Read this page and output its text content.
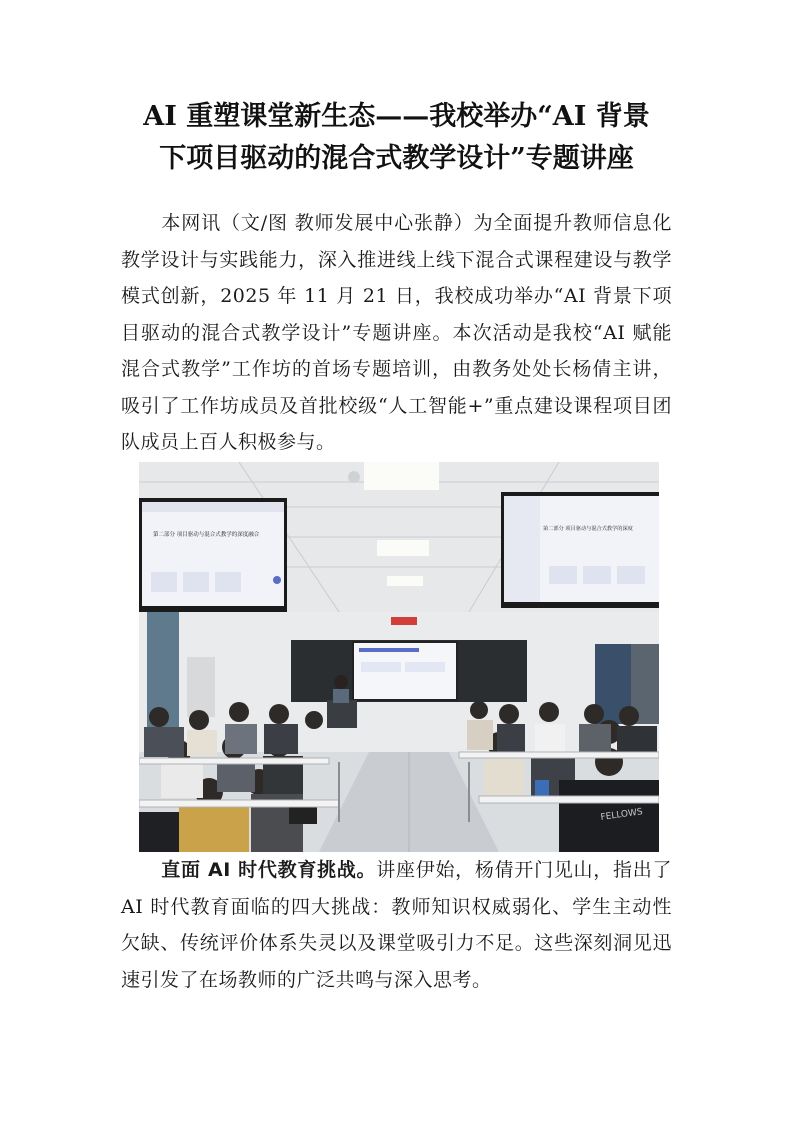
AI 重塑课堂新生态——我校举办“AI 背景
下项目驱动的混合式教学设计”专题讲座
本网讯（文/图 教师发展中心张静）为全面提升教师信息化教学设计与实践能力，深入推进线上线下混合式课程建设与教学模式创新，2025 年 11 月 21 日，我校成功举办“AI 背景下项目驱动的混合式教学设计”专题讲座。本次活动是我校“AI 赋能混合式教学”工作坊的首场专题培训，由教务处处长杨倩主讲，吸引了工作坊成员及首批校级“人工智能+”重点建设课程项目团队成员上百人积极参与。
第二部分 项目驱动与混合式教学的深度融合
第二部分 项目驱动与混合式教学的深度
FELLOWS
直面 AI 时代教育挑战。讲座伊始，杨倩开门见山，指出了 AI 时代教育面临的四大挑战：教师知识权威弱化、学生主动性欠缺、传统评价体系失灵以及课堂吸引力不足。这些深刻洞见迅速引发了在场教师的广泛共鸣与深入思考。
